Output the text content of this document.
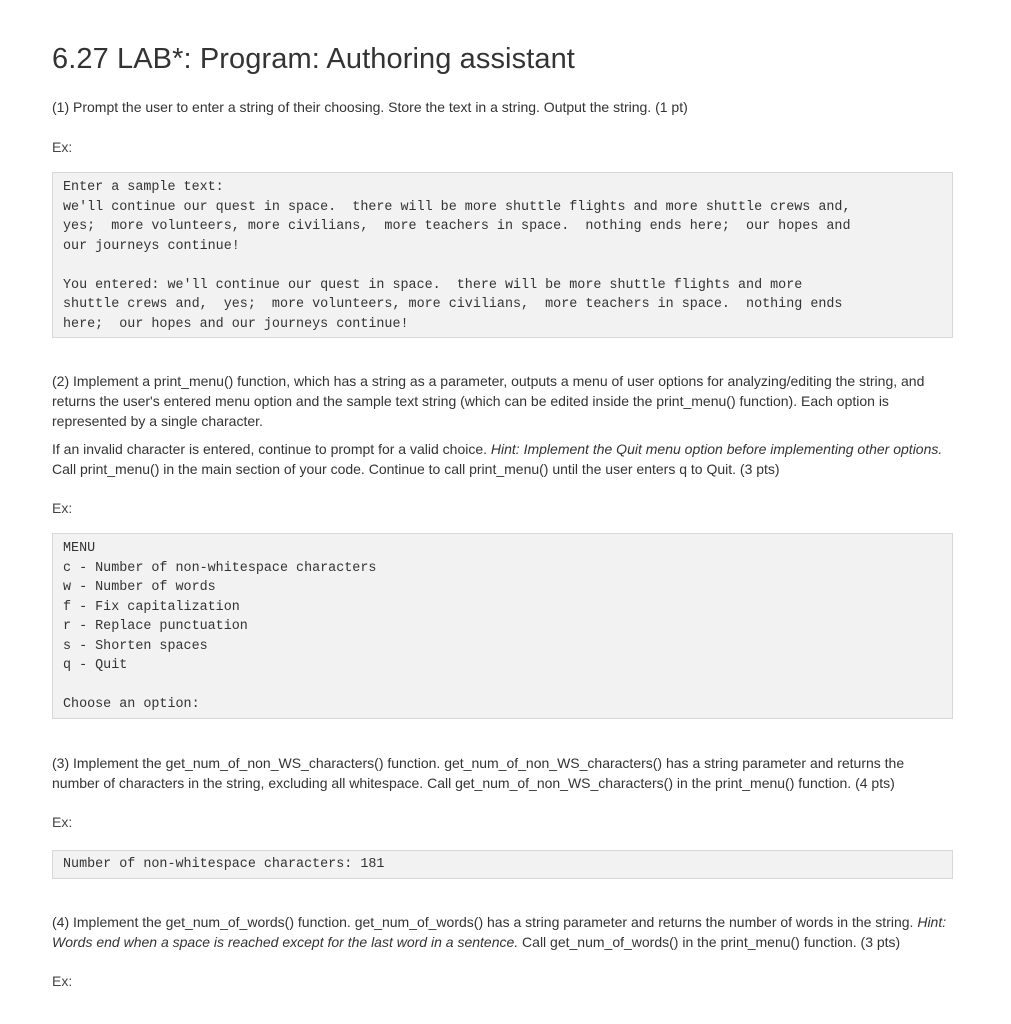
6.27 LAB*: Program: Authoring assistant

(1) Prompt the user to enter a string of their choosing. Store the text in a string. Output the string. (1 pt)

Ex:

Enter a sample text:
we'll continue our quest in space.  there will be more shuttle flights and more shuttle crews and,
yes;  more volunteers, more civilians,  more teachers in space.  nothing ends here;  our hopes and
our journeys continue!

You entered: we'll continue our quest in space.  there will be more shuttle flights and more
shuttle crews and,  yes;  more volunteers, more civilians,  more teachers in space.  nothing ends
here;  our hopes and our journeys continue!

(2) Implement a print_menu() function, which has a string as a parameter, outputs a menu of user options for analyzing/editing the string, and returns the user's entered menu option and the sample text string (which can be edited inside the print_menu() function). Each option is represented by a single character.

If an invalid character is entered, continue to prompt for a valid choice. Hint: Implement the Quit menu option before implementing other options. Call print_menu() in the main section of your code. Continue to call print_menu() until the user enters q to Quit. (3 pts)

Ex:

MENU
c - Number of non-whitespace characters
w - Number of words
f - Fix capitalization
r - Replace punctuation
s - Shorten spaces
q - Quit

Choose an option:

(3) Implement the get_num_of_non_WS_characters() function. get_num_of_non_WS_characters() has a string parameter and returns the number of characters in the string, excluding all whitespace. Call get_num_of_non_WS_characters() in the print_menu() function. (4 pts)

Ex:

Number of non-whitespace characters: 181

(4) Implement the get_num_of_words() function. get_num_of_words() has a string parameter and returns the number of words in the string. Hint: Words end when a space is reached except for the last word in a sentence. Call get_num_of_words() in the print_menu() function. (3 pts)

Ex:
